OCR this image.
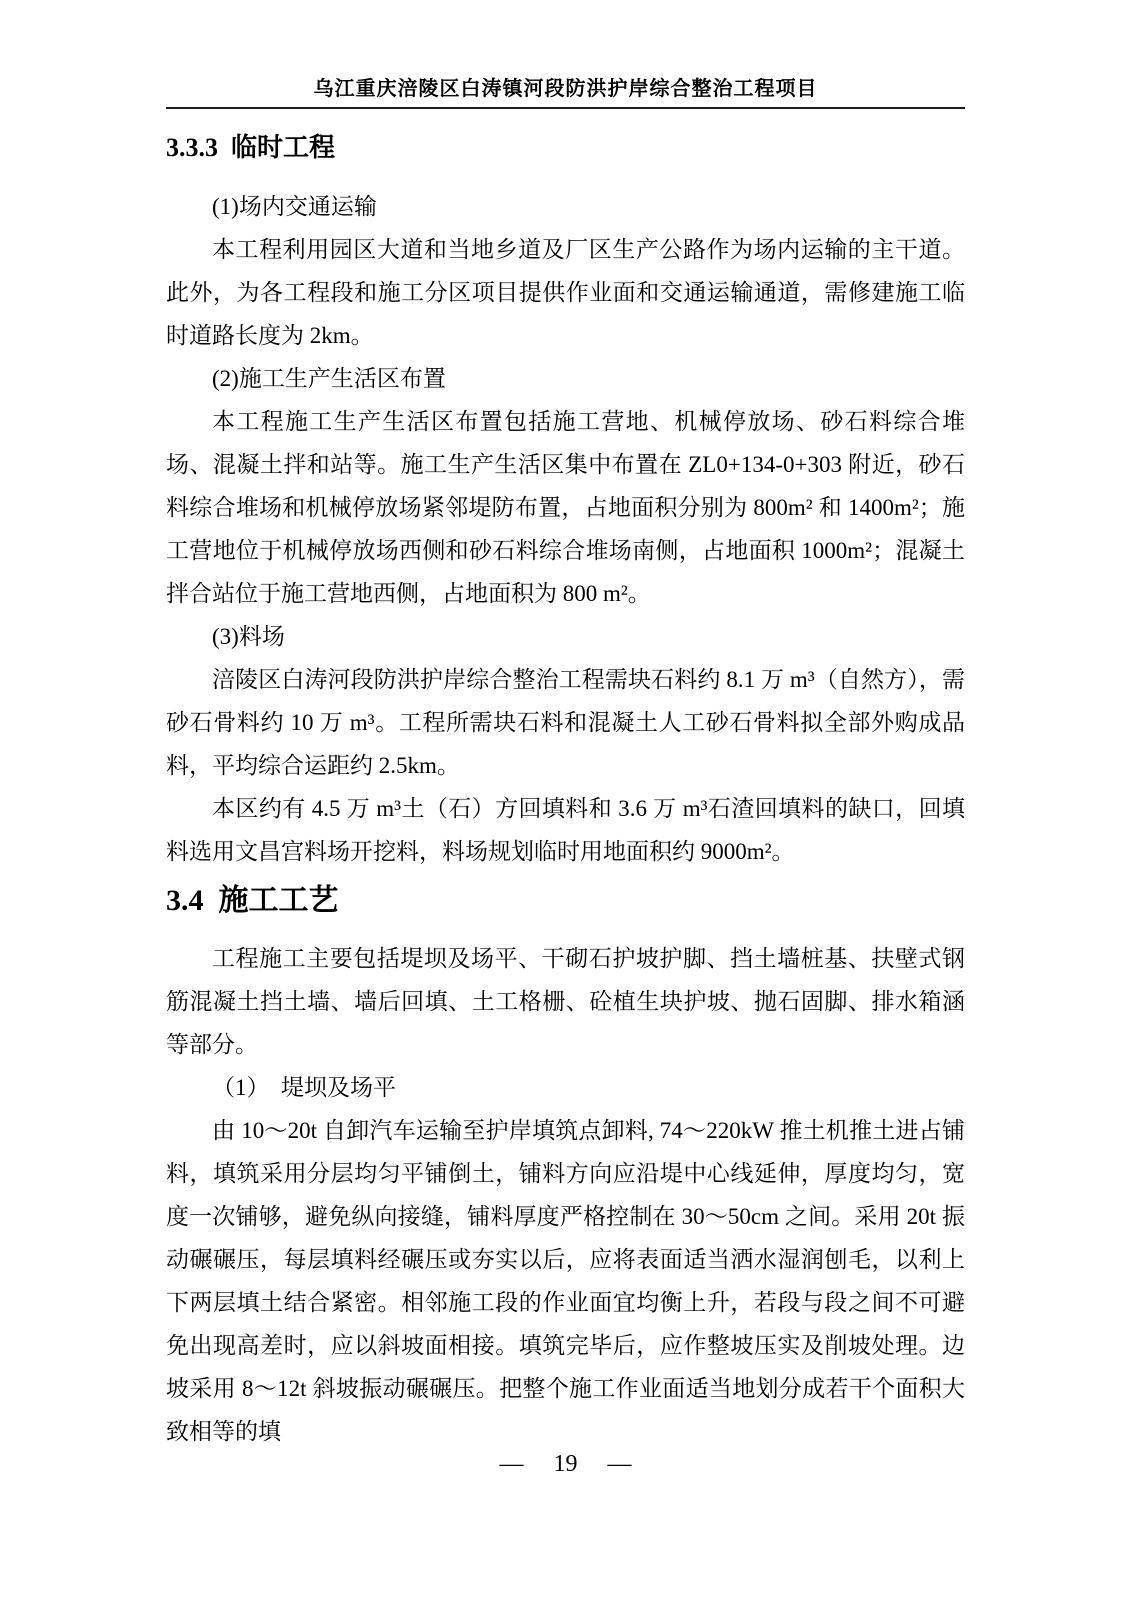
乌江重庆涪陵区白涛镇河段防洪护岸综合整治工程项目
3.3.3 临时工程

(1)场内交通运输

本工程利用园区大道和当地乡道及厂区生产公路作为场内运输的主干道。此外，为各工程段和施工分区项目提供作业面和交通运输通道，需修建施工临时道路长度为 2km。

(2)施工生产生活区布置

本工程施工生产生活区布置包括施工营地、机械停放场、砂石料综合堆场、混凝土拌和站等。施工生产生活区集中布置在 ZL0+134-0+303 附近，砂石料综合堆场和机械停放场紧邻堤防布置，占地面积分别为 800m² 和 1400m²；施工营地位于机械停放场西侧和砂石料综合堆场南侧，占地面积 1000m²；混凝土拌合站位于施工营地西侧，占地面积为 800 m²。

(3)料场

涪陵区白涛河段防洪护岸综合整治工程需块石料约 8.1 万 m³（自然方），需砂石骨料约 10 万 m³。工程所需块石料和混凝土人工砂石骨料拟全部外购成品料，平均综合运距约 2.5km。

本区约有 4.5 万 m³土（石）方回填料和 3.6 万 m³石渣回填料的缺口，回填料选用文昌宫料场开挖料，料场规划临时用地面积约 9000m²。

3.4 施工工艺

工程施工主要包括堤坝及场平、干砌石护坡护脚、挡土墙桩基、扶壁式钢筋混凝土挡土墙、墙后回填、土工格栅、砼植生块护坡、抛石固脚、排水箱涵等部分。

（1）　堤坝及场平

由 10～20t 自卸汽车运输至护岸填筑点卸料, 74～220kW 推土机推土进占铺料，填筑采用分层均匀平铺倒土，铺料方向应沿堤中心线延伸，厚度均匀，宽度一次铺够，避免纵向接缝，铺料厚度严格控制在 30～50cm 之间。采用 20t 振动碾碾压，每层填料经碾压或夯实以后，应将表面适当洒水湿润刨毛，以利上下两层填土结合紧密。相邻施工段的作业面宜均衡上升，若段与段之间不可避免出现高差时，应以斜坡面相接。填筑完毕后，应作整坡压实及削坡处理。边坡采用 8～12t 斜坡振动碾碾压。把整个施工作业面适当地划分成若干个面积大致相等的填

— 19 —
